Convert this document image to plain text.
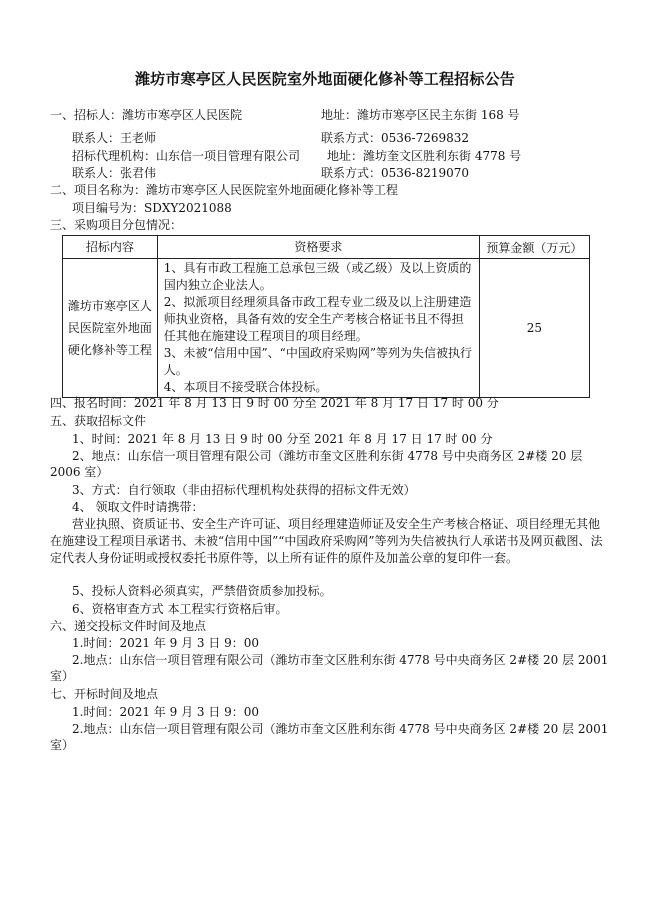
潍坊市寒亭区人民医院室外地面硬化修补等工程招标公告
一、招标人：潍坊市寒亭区人民医院	地址：潍坊市寒亭区民主东街 168 号
联系人：王老师	联系方式：0536-7269832
招标代理机构：山东信一项目管理有限公司 地址：潍坊奎文区胜利东街 4778 号
联系人：张君伟	联系方式：0536-8219070
二、项目名称为：潍坊市寒亭区人民医院室外地面硬化修补等工程
项目编号为：SDXY2021088
三、采购项目分包情况：
招标内容	资格要求	预算金额（万元）
潍坊市寒亭区人民医院室外地面硬化修补等工程	1、具有市政工程施工总承包三级（或乙级）及以上资质的国内独立企业法人。
2、拟派项目经理须具备市政工程专业二级及以上注册建造师执业资格，具备有效的安全生产考核合格证书且不得担任其他在施建设工程项目的项目经理。
3、未被“信用中国”、“中国政府采购网”等列为失信被执行人。
4、本项目不接受联合体投标。	25
四、报名时间：2021 年 8 月 13 日 9 时 00 分至 2021 年 8 月 17 日 17 时 00 分
五、获取招标文件
1、时间：2021 年 8 月 13 日 9 时 00 分至 2021 年 8 月 17 日 17 时 00 分
2、地点：山东信一项目管理有限公司（潍坊市奎文区胜利东街 4778 号中央商务区 2#楼 20 层 2006 室）
3、方式：自行领取（非由招标代理机构处获得的招标文件无效）
4、 领取文件时请携带：
营业执照、资质证书、安全生产许可证、项目经理建造师证及安全生产考核合格证、项目经理无其他在施建设工程项目承诺书、未被“信用中国”“中国政府采购网”等列为失信被执行人承诺书及网页截图、法定代表人身份证明或授权委托书原件等，以上所有证件的原件及加盖公章的复印件一套。
5、投标人资料必须真实，严禁借资质参加投标。
6、资格审查方式 本工程实行资格后审。
六、递交投标文件时间及地点
1.时间：2021 年 9 月 3 日 9：00
2.地点：山东信一项目管理有限公司（潍坊市奎文区胜利东街 4778 号中央商务区 2#楼 20 层 2001 室）
七、开标时间及地点
1.时间：2021 年 9 月 3 日 9：00
2.地点：山东信一项目管理有限公司（潍坊市奎文区胜利东街 4778 号中央商务区 2#楼 20 层 2001 室）
